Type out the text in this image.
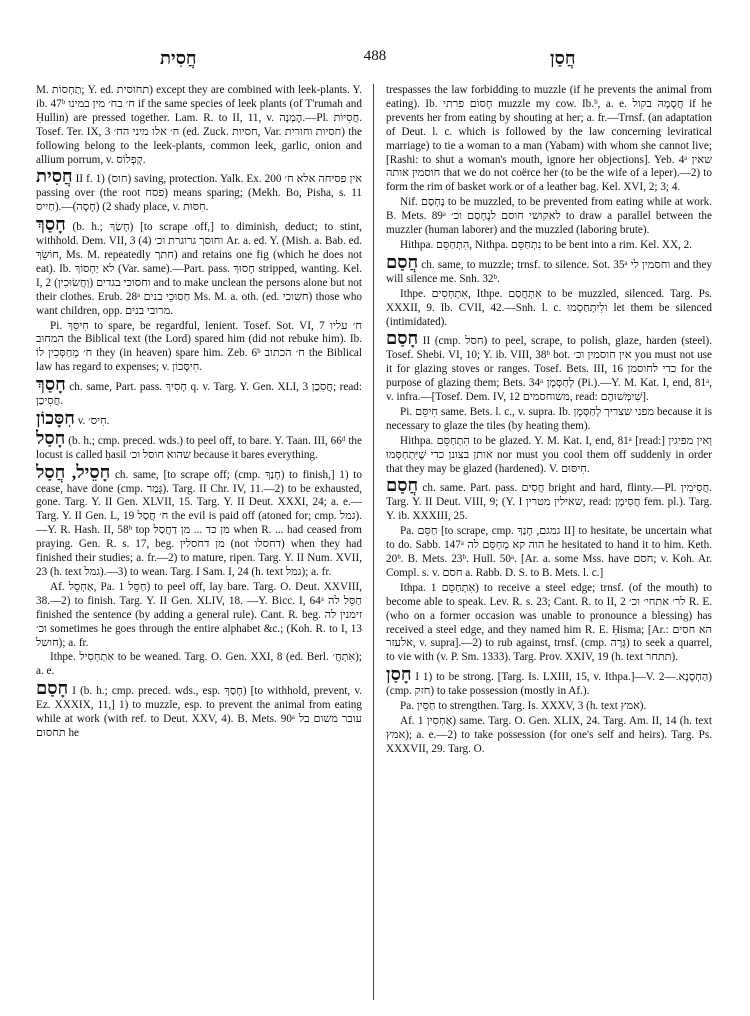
חֲסִית	488	חֲסַן
M. תַחְסוֹת; Y. ed. תחוסית) except they are combined with leek-plants. Y. ib. 47ᵇ ח׳ בח׳ מין במינו if the same species of leek plants (of T'rumah and Ḥullin) are pressed together. Lam. R. to II, 11, v. הֶמְנָה.—Pl. חֲסִיוֹת. Tosef. Ter. IX, 3 ח׳ אלו מיני הח׳ (ed. Zuck. חסיות, Var. חסיות וחורית) the following belong to the leek-plants, common leek, garlic, onion and allium porrum, v. קְפְלוֹס.
חֲסִית II f. 1) (חוס) saving, protection. Yalk. Ex. 200 אין פסיחה אלא ח׳ passing over (the root פסח) means sparing; (Mekh. Bo, Pisha, s. 11 חַיִיס).—2) (חָסָה) shady place, v. חִסּוּת.
חָסַךְ (b. h.; חָשַׂךְ) [to scrape off,] to diminish, deduct; to stint, withhold. Dem. VII, 3 (4) וחוסך גרוגרת וכ׳ Ar. a. ed. Y. (Mish. a. Bab. ed. חוֹשֵׂךְ, Ms. M. repeatedly חתך) and retains one fig (which he does not eat). Ib. לא יַחְסוֹךְ (Var. same).—Part. pass. חָסוּךְ stripped, wanting. Kel. I, 2 (וְחֲשׂוּכִין) וחסוכי בגדים and to make unclean the persons alone but not their clothes. Erub. 28ᵃ חַסוּכֵי בנים Ms. M. a. oth. (ed. חשוכי) those who want children, opp. מרובי בנים.
Pi. חִיסֵּךְ to spare, be regardful, lenient. Tosef. Sot. VI, 7 ח׳ עליו המחוב the Biblical text (the Lord) spared him (did not rebuke him). Ib. ח׳ מְחַסְּכִין לוֹ they (in heaven) spare him. Zeb. 6ᵇ ח׳ הכתוב the Biblical law has regard to expenses; v. חִיסָּכוֹן.
חָסַךְ ch. same, Part. pass. חָסִיךְ q. v. Targ. Y. Gen. XLI, 3 חֲסִכַן; read: חֲסִיכַן.
חִסָּכוֹן v. חִיס׳.
חָסַל (b. h.; cmp. preced. wds.) to peel off, to bare. Y. Taan. III, 66ᵈ the locust is called ḥasil שהוא חוסל וכ׳ because it bares everything.
חָסֵיל, חֲסַל ch. same, [to scrape off; (cmp. חָנַךְ) to finish,] 1) to cease, have done (cmp. גְּמַר). Targ. II Chr. IV, 11.—2) to be exhausted, gone. Targ. Y. II Gen. XLVII, 15. Targ. Y. II Deut. XXXI, 24; a. e.—Targ. Y. II Gen. L, 19 ח׳ חֲסַל the evil is paid off (atoned for; cmp. גמל).—Y. R. Hash. II, 58ᵇ top מן כד ... מן דַחֲסַל when R. ... had ceased from praying. Gen. R. s. 17, beg. מן דחסלין (not דחסלו) when they had finished their studies; a. fr.—2) to mature, ripen. Targ. Y. II Num. XVII, 23 (h. text גמל).—3) to wean. Targ. I Sam. I, 24 (h. text גמל); a. fr.
Af. אַחְסֵל, Pa. חַסֵּל 1) to peel off, lay bare. Targ. O. Deut. XXVIII, 38.—2) to finish. Targ. Y. II Gen. XLIV, 18. —Y. Bicc. I, 64ᵃ חַסֵּל לה finished the sentence (by adding a general rule). Cant. R. beg. זימנין לה וכ׳ sometimes he goes through the entire alphabet &c.; (Koh. R. to I, 13 חושל); a. fr.
Ithpe. אִתְחְסִיל to be weaned. Targ. O. Gen. XXI, 8 (ed. Berl. אִתְחֲ׳); a. e.
חָסַם I (b. h.; cmp. preced. wds., esp. חָסַךְ) [to withhold, prevent, v. Ez. XXXIX, 11,] 1) to muzzle, esp. to prevent the animal from eating while at work (with ref. to Deut. XXV, 4). B. Mets. 90ᵃ עובר משום בל תחסום he
trespasses the law forbidding to muzzle (if he prevents the animal from eating). Ib. חָסוֹם פרתי muzzle my cow. Ib.ᵇ, a. e. חֲסָמָהּ בקול if he prevents her from eating by shouting at her; a. fr.—Trnsf. (an adaptation of Deut. l. c. which is followed by the law concerning leviratical marriage) to tie a woman to a man (Yabam) with whom she cannot live; [Rashi: to shut a woman's mouth, ignore her objections]. Yeb. 4ᵃ שאין חוסמין אותה that we do not coërce her (to be the wife of a leper).—2) to form the rim of basket work or of a leather bag. Kel. XVI, 2; 3; 4.
Nif. נֶחְסַם to be muzzled, to be prevented from eating while at work. B. Mets. 89ᵃ לאקושי חוסם לנֶחְסַם וכ׳ to draw a parallel between the muzzler (human laborer) and the muzzled (laboring brute).
Hithpa. הִתְחַסֵּם, Nithpa. נִתְחַסֵּם to be bent into a rim. Kel. XX, 2.
חֲסַם ch. same, to muzzle; trnsf. to silence. Sot. 35ᵃ וחסמין לי and they will silence me. Snh. 32ᵇ.
Ithpe. אִתְחְסִים, Ithpe. אִתְחֲסַם to be muzzled, silenced. Targ. Ps. XXXII, 9. Ib. CVII, 42.—Snh. l. c. ולִיתְחַסְמוּ let them be silenced (intimidated).
חָסַם II (cmp. חסל) to peel, scrape, to polish, glaze, harden (steel). Tosef. Shebi. VI, 10; Y. ib. VIII, 38ᵇ bot. אין חוסמין וכ׳ you must not use it for glazing stoves or ranges. Tosef. Bets. III, 16 כדי לחוסמן for the purpose of glazing them; Bets. 34ᵃ לְחַסְּמָן (Pi.).—Y. M. Kat. I, end, 81ᵃ, v. infra.—[Tosef. Dem. IV, 12 משוחסמים, read: שִׁימְּשׁוּהֶם].
Pi. חִיסֵּם same. Bets. l. c., v. supra. Ib. מפני שצריך לְחַסְּמָן because it is necessary to glaze the tiles (by heating them).
Hithpa. הִתְחַסֵּם to be glazed. Y. M. Kat. I, end, 81ᵃ [read:] וְאִין מפיגין אותן בצונן כדי שֶׁיִּתְחַסְּמוּ nor must you cool them off suddenly in order that they may be glazed (hardened). V. חִיסּוּם.
חֲסַם ch. same. Part. pass. חֲסִים bright and hard, flinty.—Pl. חֲסִימִין. Targ. Y. II Deut. VIII, 9; (Y. I שאילין מטרין, read: חֲסִימָן fem. pl.). Targ. Y. ib. XXXIII, 25.
Pa. חַסֵּם [to scrape, cmp. גמגם, חָנַךְ II] to hesitate, be uncertain what to do. Sabb. 147ᵃ הוה קא מְחַסֵּם לה he hesitated to hand it to him. Keth. 20ᵇ. B. Mets. 23ᵇ. Hull. 50ᵃ. [Ar. a. some Mss. have חסם; v. Koh. Ar. Compl. s. v. חסם a. Rabb. D. S. to B. Mets. l. c.]
Ithpa. אִתְחַסֵּם 1) to receive a steel edge; trnsf. (of the mouth) to become able to speak. Lev. R. s. 23; Cant. R. to II, 2 לר׳ אתחי׳ וכ׳ R. E. (who on a former occasion was unable to pronounce a blessing) has received a steel edge, and they named him R. E. Ḥisma; [Ar.: הא חסים אלעזר, v. supra].—2) to rub against, trnsf. (cmp. גָּרָה) to seek a quarrel, to vie with (v. P. Sm. 1333). Targ. Prov. XXIV, 19 (h. text תתחר).
חָסַן I 1) to be strong. [Targ. Is. LXIII, 15, v. Ithpa.]—V. הַחְסָנָא.—2) (cmp. חזק) to take possession (mostly in Af.).
Pa. חַסֵּין to strengthen. Targ. Is. XXXV, 3 (h. text אמץ).
Af. אַחְסִין 1) same. Targ. O. Gen. XLIX, 24. Targ. Am. II, 14 (h. text אמץ); a. e.—2) to take possession (for one's self and heirs). Targ. Ps. XXXVII, 29. Targ. O.
